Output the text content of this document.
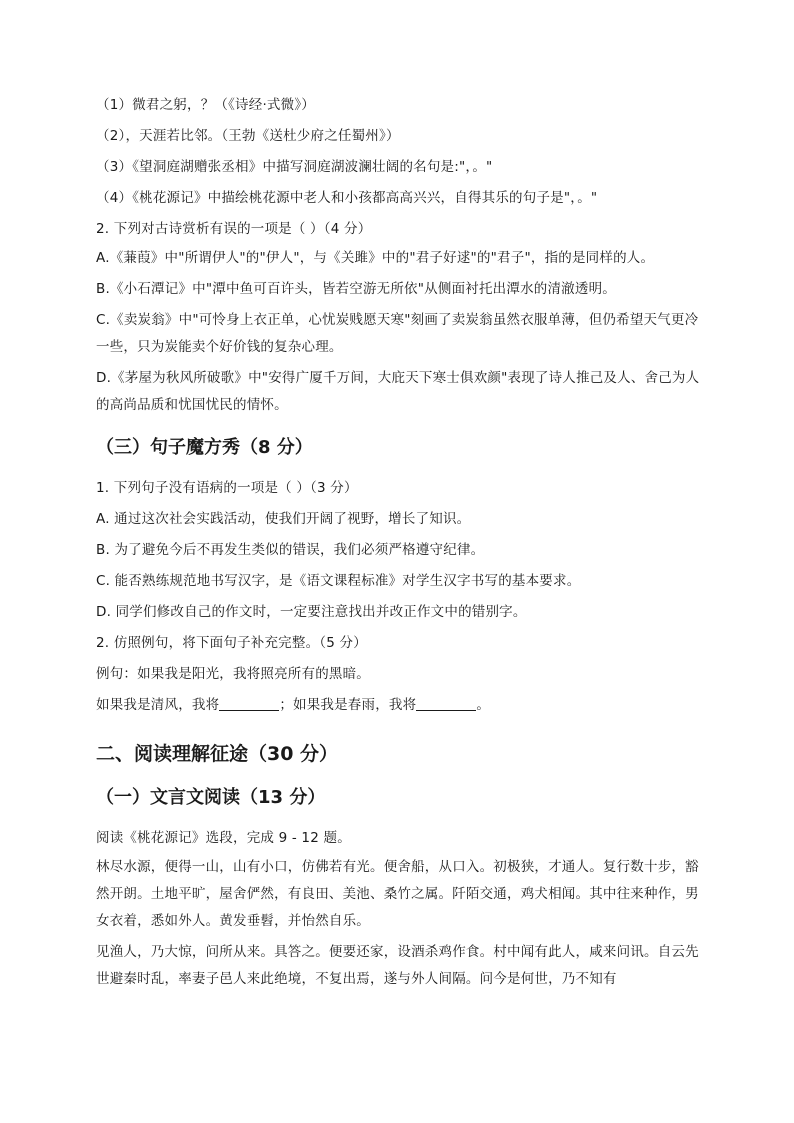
（1）微君之躬，？（《诗经·式微》）
（2），天涯若比邻。（王勃《送杜少府之任蜀州》）
（3）《望洞庭湖赠张丞相》中描写洞庭湖波澜壮阔的名句是:"，。"
（4）《桃花源记》中描绘桃花源中老人和小孩都高高兴兴，自得其乐的句子是"，。"
2. 下列对古诗赏析有误的一项是（ ）（4 分）
A.《蒹葭》中"所谓伊人"的"伊人"，与《关雎》中的"君子好逑"的"君子"，指的是同样的人。
B.《小石潭记》中"潭中鱼可百许头，皆若空游无所依"从侧面衬托出潭水的清澈透明。
C.《卖炭翁》中"可怜身上衣正单，心忧炭贱愿天寒"刻画了卖炭翁虽然衣服单薄，但仍希望天气更冷一些，只为炭能卖个好价钱的复杂心理。
D.《茅屋为秋风所破歌》中"安得广厦千万间，大庇天下寒士俱欢颜"表现了诗人推己及人、舍己为人的高尚品质和忧国忧民的情怀。
（三）句子魔方秀（8 分）
1. 下列句子没有语病的一项是（ ）（3 分）
A. 通过这次社会实践活动，使我们开阔了视野，增长了知识。
B. 为了避免今后不再发生类似的错误，我们必须严格遵守纪律。
C. 能否熟练规范地书写汉字，是《语文课程标准》对学生汉字书写的基本要求。
D. 同学们修改自己的作文时，一定要注意找出并改正作文中的错别字。
2. 仿照例句，将下面句子补充完整。（5 分）
例句：如果我是阳光，我将照亮所有的黑暗。
如果我是清风，我将	；如果我是春雨，我将	。
二、阅读理解征途（30 分）
（一）文言文阅读（13 分）
阅读《桃花源记》选段，完成 9 - 12 题。
林尽水源，便得一山，山有小口，仿佛若有光。便舍船，从口入。初极狭，才通人。复行数十步，豁然开朗。土地平旷，屋舍俨然，有良田、美池、桑竹之属。阡陌交通，鸡犬相闻。其中往来种作，男女衣着，悉如外人。黄发垂髫，并怡然自乐。
见渔人，乃大惊，问所从来。具答之。便要还家，设酒杀鸡作食。村中闻有此人，咸来问讯。自云先世避秦时乱，率妻子邑人来此绝境，不复出焉，遂与外人间隔。问今是何世，乃不知有
